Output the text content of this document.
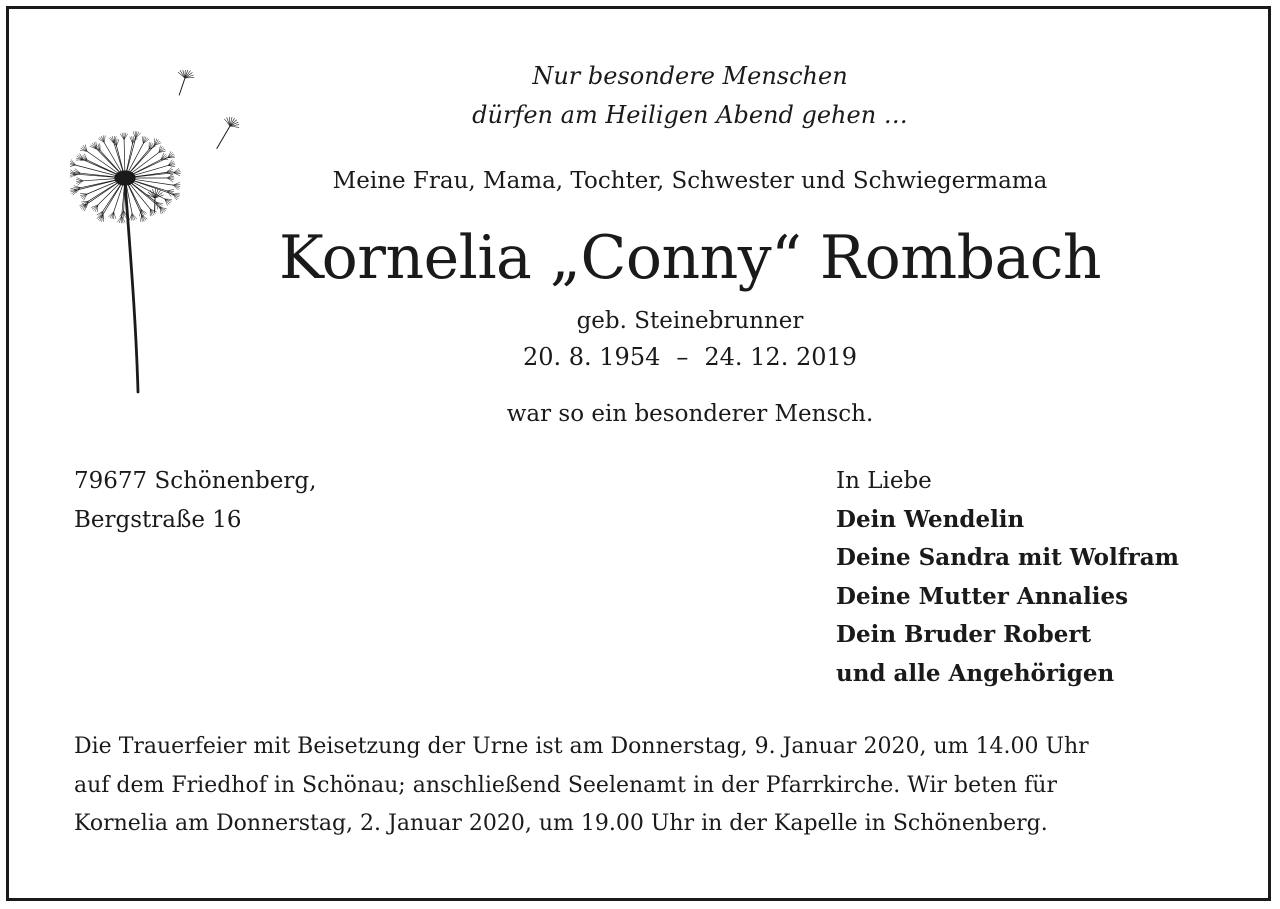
Nur besondere Menschen
dürfen am Heiligen Abend gehen …
Meine Frau, Mama, Tochter, Schwester und Schwiegermama
Kornelia „Conny“ Rombach
geb. Steinebrunner
20. 8. 1954 – 24. 12. 2019
war so ein besonderer Mensch.
79677 Schönenberg,
Bergstraße 16
In Liebe
Dein Wendelin
Deine Sandra mit Wolfram
Deine Mutter Annalies
Dein Bruder Robert
und alle Angehörigen
Die Trauerfeier mit Beisetzung der Urne ist am Donnerstag, 9. Januar 2020, um 14.00 Uhr
auf dem Friedhof in Schönau; anschließend Seelenamt in der Pfarrkirche. Wir beten für
Kornelia am Donnerstag, 2. Januar 2020, um 19.00 Uhr in der Kapelle in Schönenberg.
